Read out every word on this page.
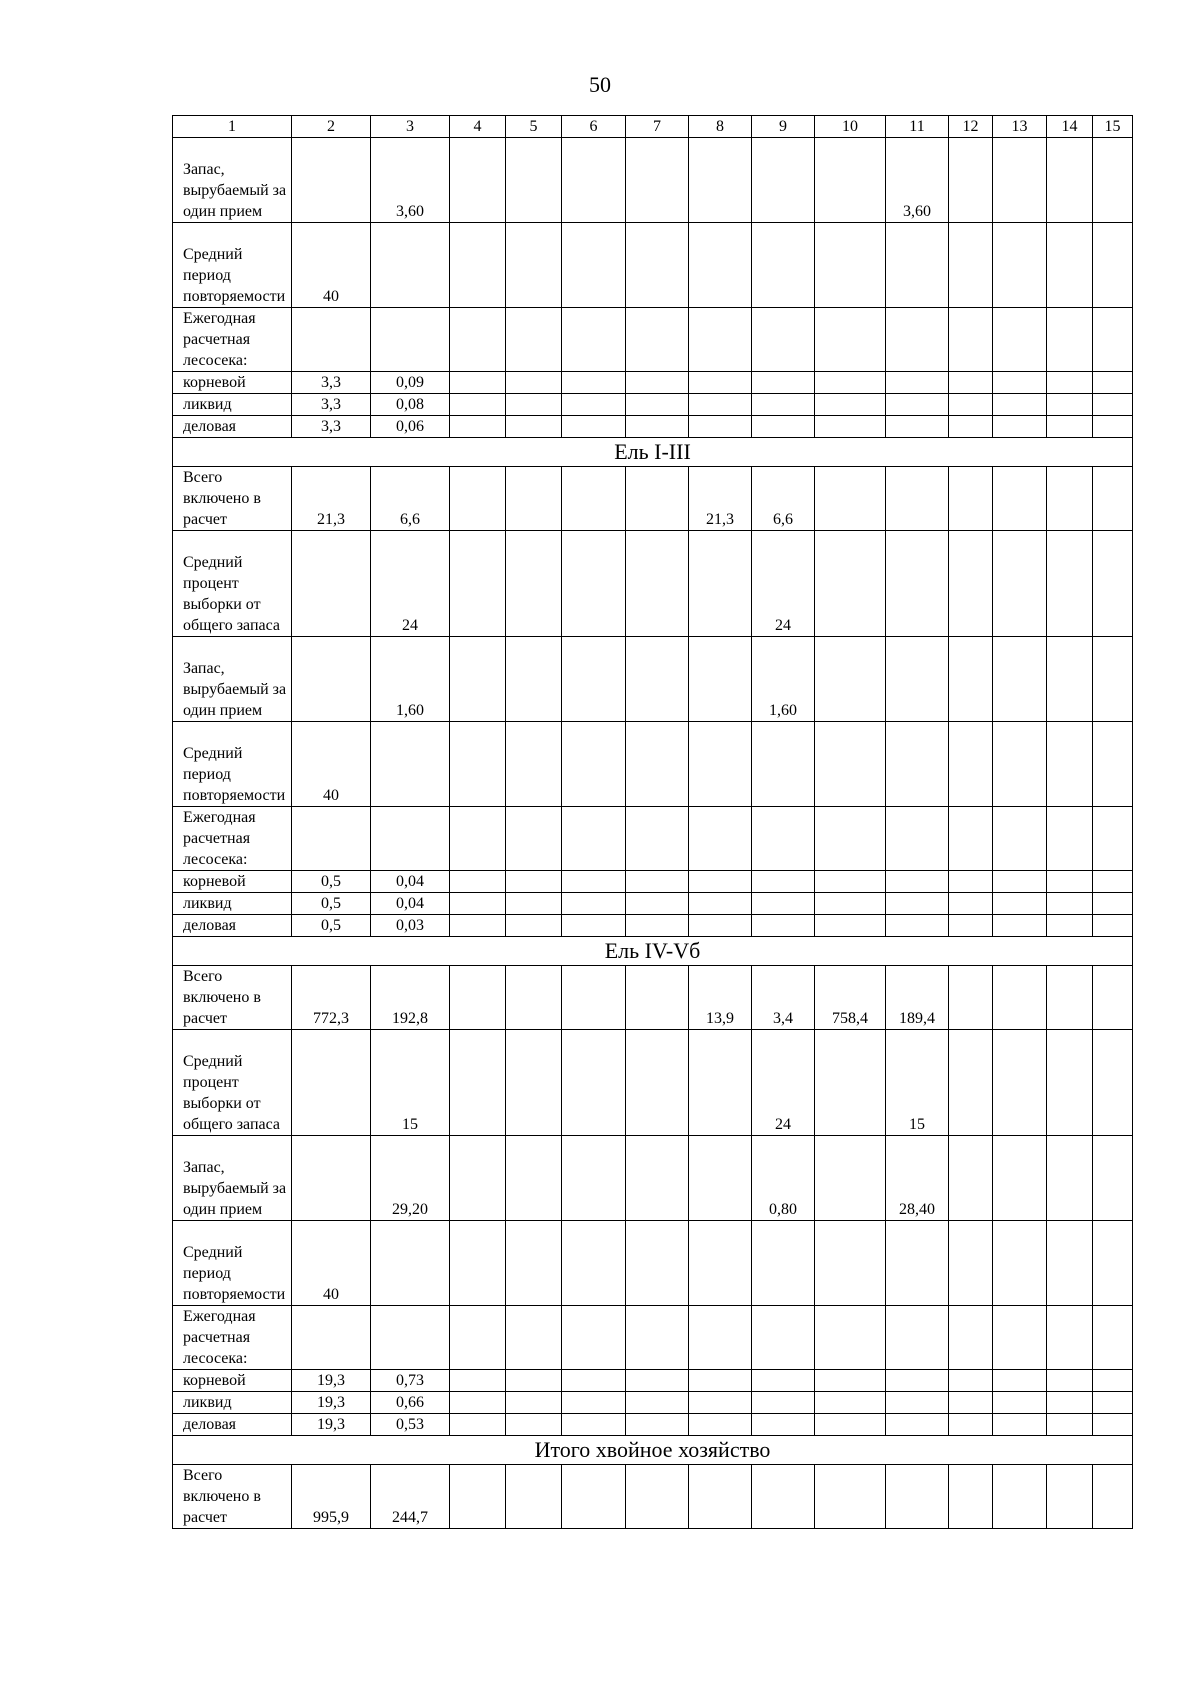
50
1	2	3	4	5	6	7	8	9	10	11	12	13	14	15
Запас, вырубаемый за один прием		3,60								3,60				
Средний период повторяемости	40													
Ежегодная расчетная лесосека:														
корневой	3,3	0,09												
ликвид	3,3	0,08												
деловая	3,3	0,06												
Ель I-III														
Всего включено в расчет	21,3	6,6					21,3	6,6						
Средний процент выборки от общего запаса		24						24						
Запас, вырубаемый за один прием		1,60						1,60						
Средний период повторяемости	40													
Ежегодная расчетная лесосека:														
корневой	0,5	0,04												
ликвид	0,5	0,04												
деловая	0,5	0,03												
Ель IV-Vб														
Всего включено в расчет	772,3	192,8					13,9	3,4	758,4	189,4				
Средний процент выборки от общего запаса		15						24		15				
Запас, вырубаемый за один прием		29,20						0,80		28,40				
Средний период повторяемости	40													
Ежегодная расчетная лесосека:														
корневой	19,3	0,73												
ликвид	19,3	0,66												
деловая	19,3	0,53												
Итого хвойное хозяйство														
Всего включено в расчет	995,9	244,7												
